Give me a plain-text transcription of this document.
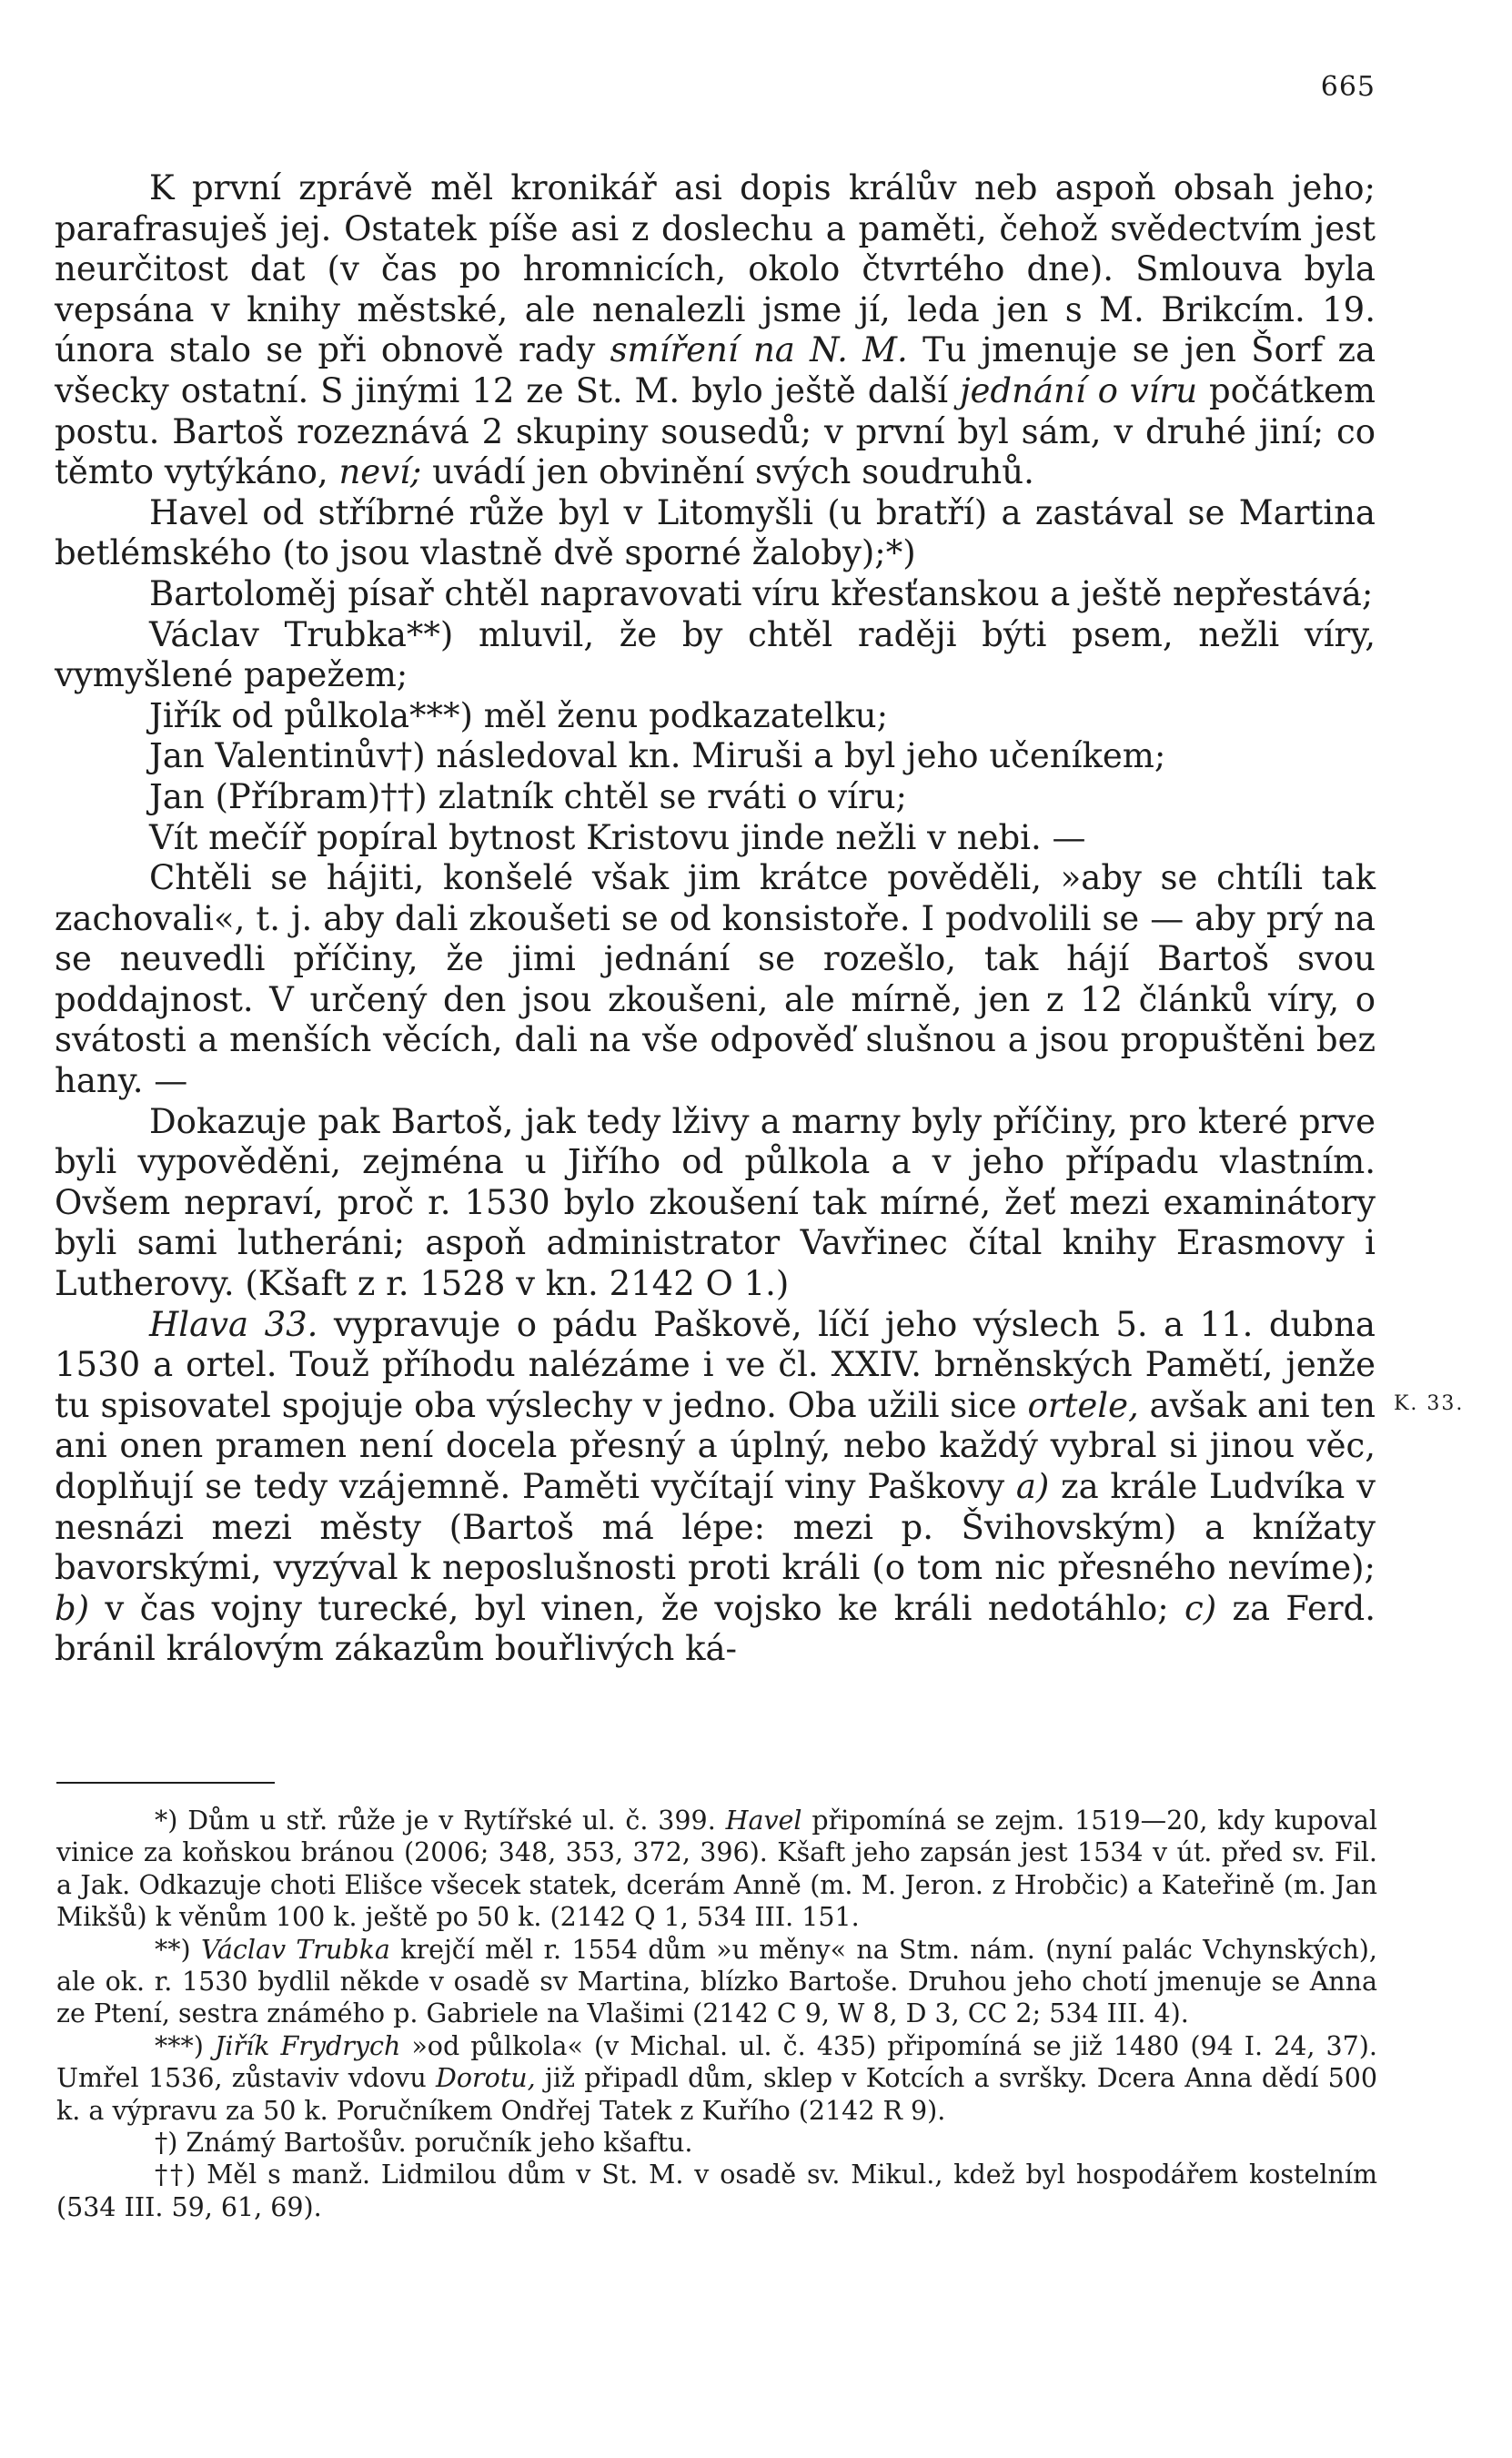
665

K první zprávě měl kronikář asi dopis králův neb aspoň obsah jeho; parafrasuješ jej. Ostatek píše asi z doslechu a paměti, čehož svědectvím jest neurčitost dat (v čas po hromnicích, okolo čtvrtého dne). Smlouva byla vepsána v knihy městské, ale nenalezli jsme jí, leda jen s M. Brikcím. 19. února stalo se při obnově rady smíření na N. M. Tu jmenuje se jen Šorf za všecky ostatní. S jinými 12 ze St. M. bylo ještě další jednání o víru počátkem postu. Bartoš rozeznává 2 skupiny sousedů; v první byl sám, v druhé jiní; co těmto vytýkáno, neví; uvádí jen obvinění svých soudruhů.

Havel od stříbrné růže byl v Litomyšli (u bratří) a zastával se Martina betlémského (to jsou vlastně dvě sporné žaloby);*)

Bartoloměj písař chtěl napravovati víru křesťanskou a ještě nepřestává;

Václav Trubka**) mluvil, že by chtěl raději býti psem, nežli víry, vymyšlené papežem;

Jiřík od půlkola***) měl ženu podkazatelku;

Jan Valentinův†) následoval kn. Miruši a byl jeho učeníkem;

Jan (Příbram)††) zlatník chtěl se rváti o víru;

Vít mečíř popíral bytnost Kristovu jinde nežli v nebi. —

Chtěli se hájiti, konšelé však jim krátce pověděli, »aby se chtíli tak zachovali«, t. j. aby dali zkoušeti se od konsistoře. I podvolili se — aby prý na se neuvedli příčiny, že jimi jednání se rozešlo, tak hájí Bartoš svou poddajnost. V určený den jsou zkoušeni, ale mírně, jen z 12 článků víry, o svátosti a menších věcích, dali na vše odpověď slušnou a jsou propuštěni bez hany. —

Dokazuje pak Bartoš, jak tedy lživy a marny byly příčiny, pro které prve byli vypověděni, zejména u Jiřího od půlkola a v jeho případu vlastním. Ovšem nepraví, proč r. 1530 bylo zkoušení tak mírné, žeť mezi examinátory byli sami lutheráni; aspoň administrator Vavřinec čítal knihy Erasmovy i Lutherovy. (Kšaft z r. 1528 v kn. 2142 O 1.)

Hlava 33. vypravuje o pádu Paškově, líčí jeho výslech 5. a 11. dubna 1530 a ortel. Touž příhodu nalézáme i ve čl. XXIV. brněnských Pamětí, jenže tu spisovatel spojuje oba výslechy v jedno. Oba užili sice ortele, avšak ani ten ani onen pramen není docela přesný a úplný, nebo každý vybral si jinou věc, doplňují se tedy vzájemně. Paměti vyčítají viny Paškovy a) za krále Ludvíka v nesnázi mezi městy (Bartoš má lépe: mezi p. Švihovským) a knížaty bavorskými, vyzýval k neposlušnosti proti králi (o tom nic přesného nevíme); b) v čas vojny turecké, byl vinen, že vojsko ke králi nedotáhlo; c) za Ferd. bránil královým zákazům bouřlivých ká-

K. 33.

*) Dům u stř. růže je v Rytířské ul. č. 399. Havel připomíná se zejm. 1519—20, kdy kupoval vinice za koňskou bránou (2006; 348, 353, 372, 396). Kšaft jeho zapsán jest 1534 v út. před sv. Fil. a Jak. Odkazuje choti Elišce všecek statek, dcerám Anně (m. M. Jeron. z Hrobčic) a Kateřině (m. Jan Mikšů) k věnům 100 k. ještě po 50 k. (2142 Q 1, 534 III. 151.

**) Václav Trubka krejčí měl r. 1554 dům »u měny« na Stm. nám. (nyní palác Vchynských), ale ok. r. 1530 bydlil někde v osadě sv Martina, blízko Bartoše. Druhou jeho chotí jmenuje se Anna ze Ptení, sestra známého p. Gabriele na Vlašimi (2142 C 9, W 8, D 3, CC 2; 534 III. 4).

***) Jiřík Frydrych »od půlkola« (v Michal. ul. č. 435) připomíná se již 1480 (94 I. 24, 37). Umřel 1536, zůstaviv vdovu Dorotu, již připadl dům, sklep v Kotcích a svršky. Dcera Anna dědí 500 k. a výpravu za 50 k. Poručníkem Ondřej Tatek z Kuřího (2142 R 9).

†) Známý Bartošův. poručník jeho kšaftu.

††) Měl s manž. Lidmilou dům v St. M. v osadě sv. Mikul., kdež byl hospodářem kostelním (534 III. 59, 61, 69).
